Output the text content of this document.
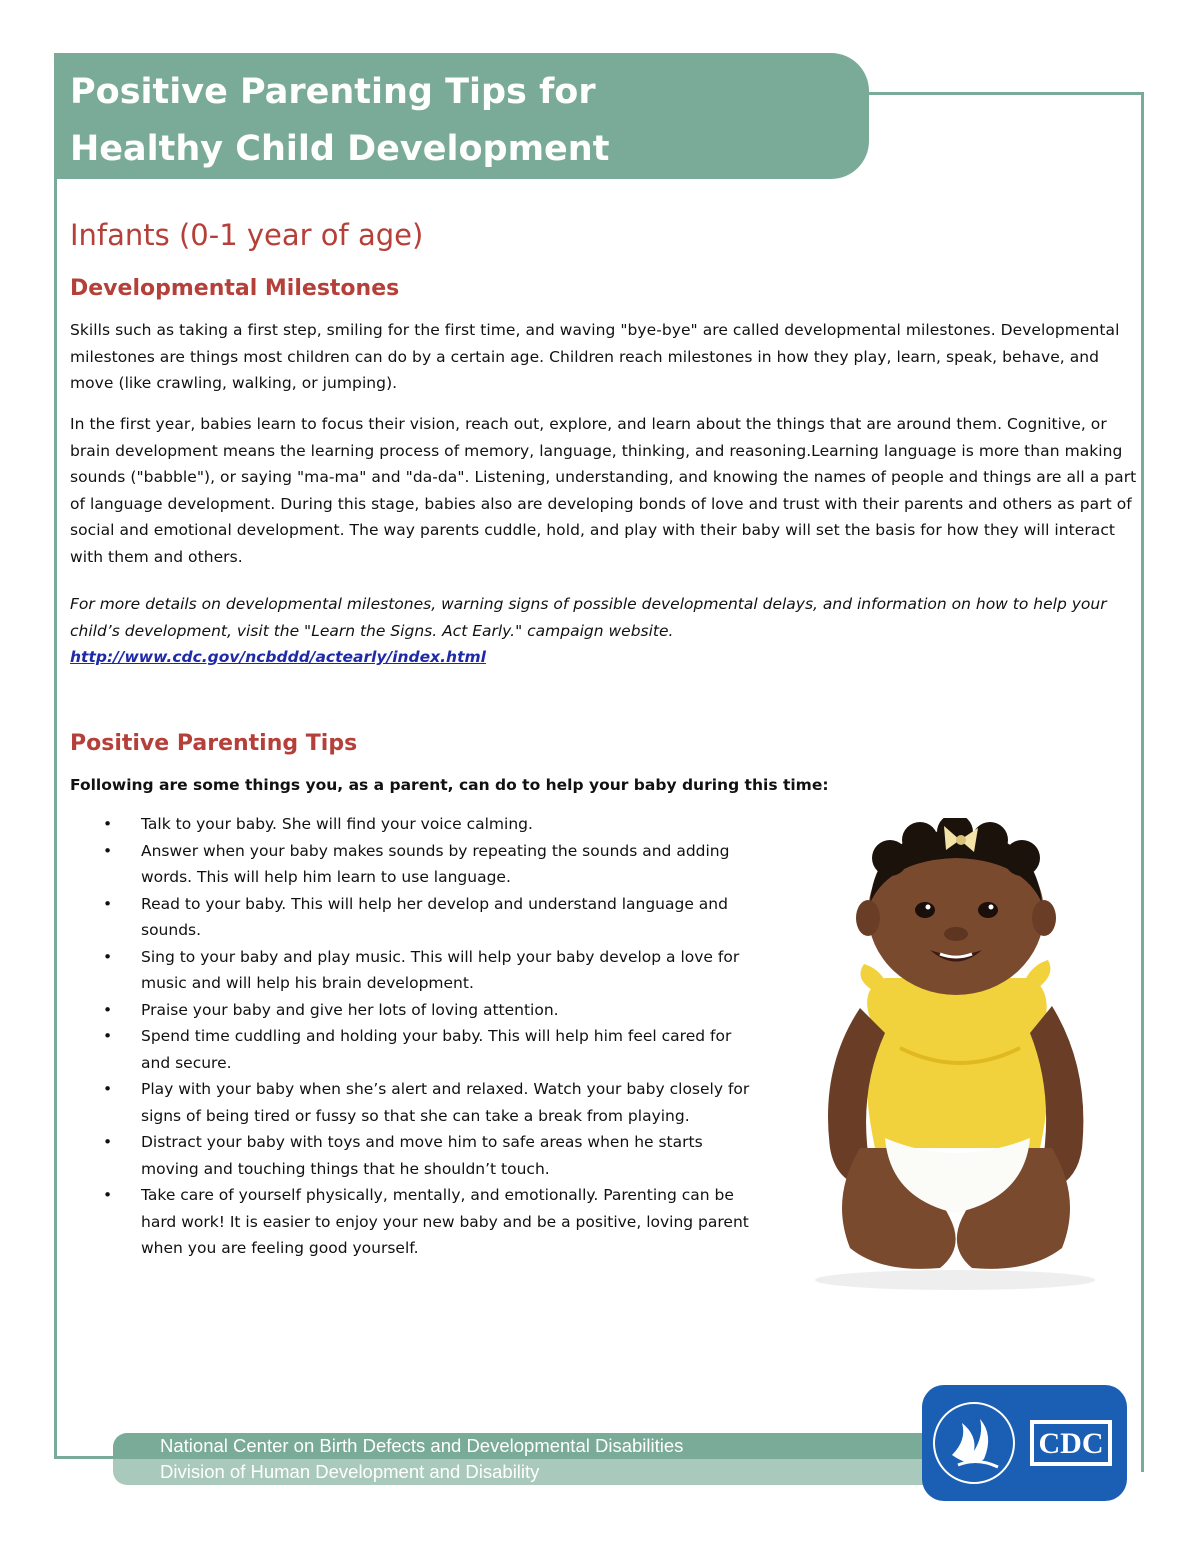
Positive Parenting Tips for
Healthy Child Development
Infants (0-1 year of age)
Developmental Milestones

Skills such as taking a first step, smiling for the first time, and waving "bye-bye" are called developmental milestones. Developmental milestones are things most children can do by a certain age. Children reach milestones in how they play, learn, speak, behave, and move (like crawling, walking, or jumping).

In the first year, babies learn to focus their vision, reach out, explore, and learn about the things that are around them. Cognitive, or brain development means the learning process of memory, language, thinking, and reasoning.Learning language is more than making sounds ("babble"), or saying "ma-ma" and "da-da". Listening, understanding, and knowing the names of people and things are all a part of language development. During this stage, babies also are developing bonds of love and trust with their parents and others as part of social and emotional development. The way parents cuddle, hold, and play with their baby will set the basis for how they will interact with them and others.

For more details on developmental milestones, warning signs of possible developmental delays, and information on how to help your child’s development, visit the "Learn the Signs. Act Early." campaign website.

http://www.cdc.gov/ncbddd/actearly/index.html
Positive Parenting Tips

Following are some things you, as a parent, can do to help your baby during this time:

• Talk to your baby. She will find your voice calming.
• Answer when your baby makes sounds by repeating the sounds and adding words. This will help him learn to use language.
• Read to your baby. This will help her develop and understand language and sounds.
• Sing to your baby and play music. This will help your baby develop a love for music and will help his brain development.
• Praise your baby and give her lots of loving attention.
• Spend time cuddling and holding your baby. This will help him feel cared for and secure.
• Play with your baby when she’s alert and relaxed. Watch your baby closely for signs of being tired or fussy so that she can take a break from playing.
• Distract your baby with toys and move him to safe areas when he starts moving and touching things that he shouldn’t touch.
• Take care of yourself physically, mentally, and emotionally. Parenting can be hard work! It is easier to enjoy your new baby and be a positive, loving parent when you are feeling good yourself.
National Center on Birth Defects and Developmental Disabilities
Division of Human Development and Disability
CDC
